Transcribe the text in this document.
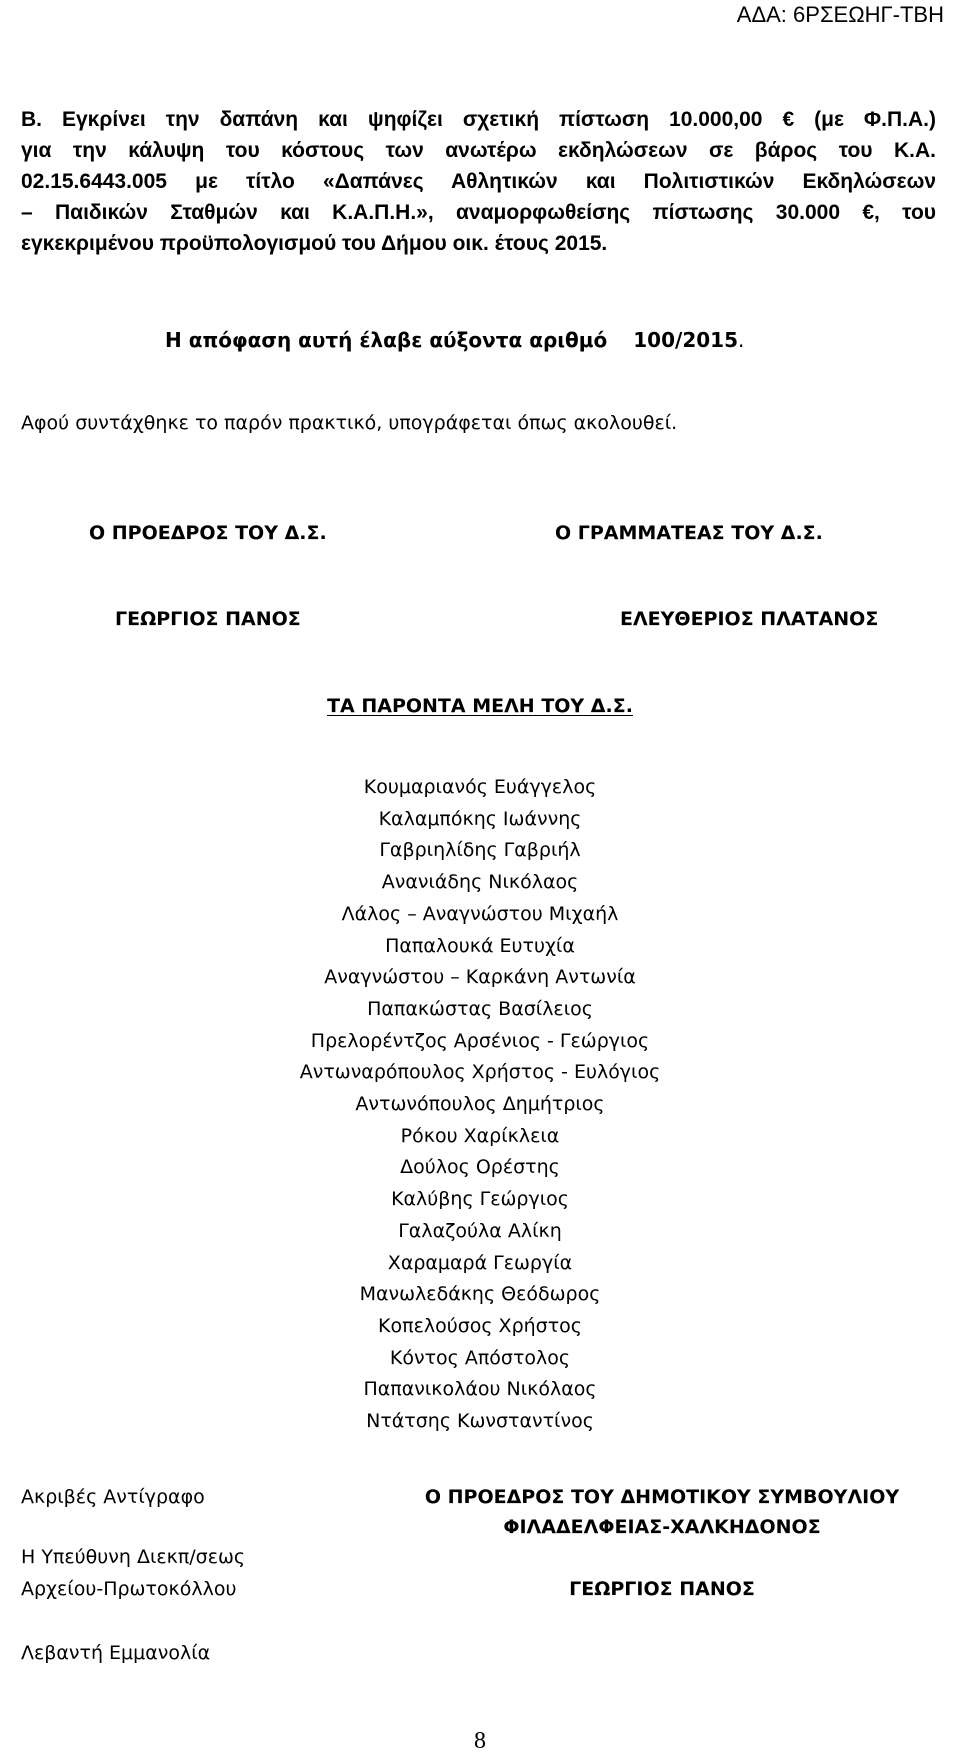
ΑΔΑ: 6ΡΣΕΩΗΓ-ΤΒΗ

Β. Εγκρίνει την δαπάνη και ψηφίζει σχετική πίστωση 10.000,00 € (με Φ.Π.Α.)

για την κάλυψη του κόστους των ανωτέρω εκδηλώσεων σε βάρος του Κ.Α.

02.15.6443.005 με τίτλο «Δαπάνες Αθλητικών και Πολιτιστικών Εκδηλώσεων

– Παιδικών Σταθμών και Κ.Α.Π.Η.», αναμορφωθείσης πίστωσης 30.000 €, του

εγκεκριμένου προϋπολογισμού του Δήμου οικ. έτους 2015.

Η απόφαση αυτή έλαβε αύξοντα αριθμό 100/2015.
Αφού συντάχθηκε το παρόν πρακτικό, υπογράφεται όπως ακολουθεί.
Ο ΠΡΟΕΔΡΟΣ ΤΟΥ Δ.Σ.	Ο ΓΡΑΜΜΑΤΕΑΣ ΤΟΥ Δ.Σ.
ΓΕΩΡΓΙΟΣ ΠΑΝΟΣ	ΕΛΕΥΘΕΡΙΟΣ ΠΛΑΤΑΝΟΣ
ΤΑ ΠΑΡΟΝΤΑ ΜΕΛΗ ΤΟΥ Δ.Σ.
Κουμαριανός Ευάγγελος
Καλαμπόκης Ιωάννης
Γαβριηλίδης Γαβριήλ
Ανανιάδης Νικόλαος
Λάλος – Αναγνώστου Μιχαήλ
Παπαλουκά Ευτυχία
Αναγνώστου – Καρκάνη Αντωνία
Παπακώστας Βασίλειος
Πρελορέντζος Αρσένιος - Γεώργιος
Αντωναρόπουλος Χρήστος - Ευλόγιος
Αντωνόπουλος Δημήτριος
Ρόκου Χαρίκλεια
Δούλος Ορέστης
Καλύβης Γεώργιος
Γαλαζούλα Αλίκη
Χαραμαρά Γεωργία
Μανωλεδάκης Θεόδωρος
Κοπελούσος Χρήστος
Κόντος Απόστολος
Παπανικολάου Νικόλαος
Ντάτσης Κωνσταντίνος
Ακριβές Αντίγραφο
Η Υπεύθυνη Διεκπ/σεως
Αρχείου-Πρωτοκόλλου
Λεβαντή Εμμανολία
Ο ΠΡΟΕΔΡΟΣ ΤΟΥ ΔΗΜΟΤΙΚΟΥ ΣΥΜΒΟΥΛΙΟΥ
ΦΙΛΑΔΕΛΦΕΙΑΣ-ΧΑΛΚΗΔΟΝΟΣ
ΓΕΩΡΓΙΟΣ ΠΑΝΟΣ
8
